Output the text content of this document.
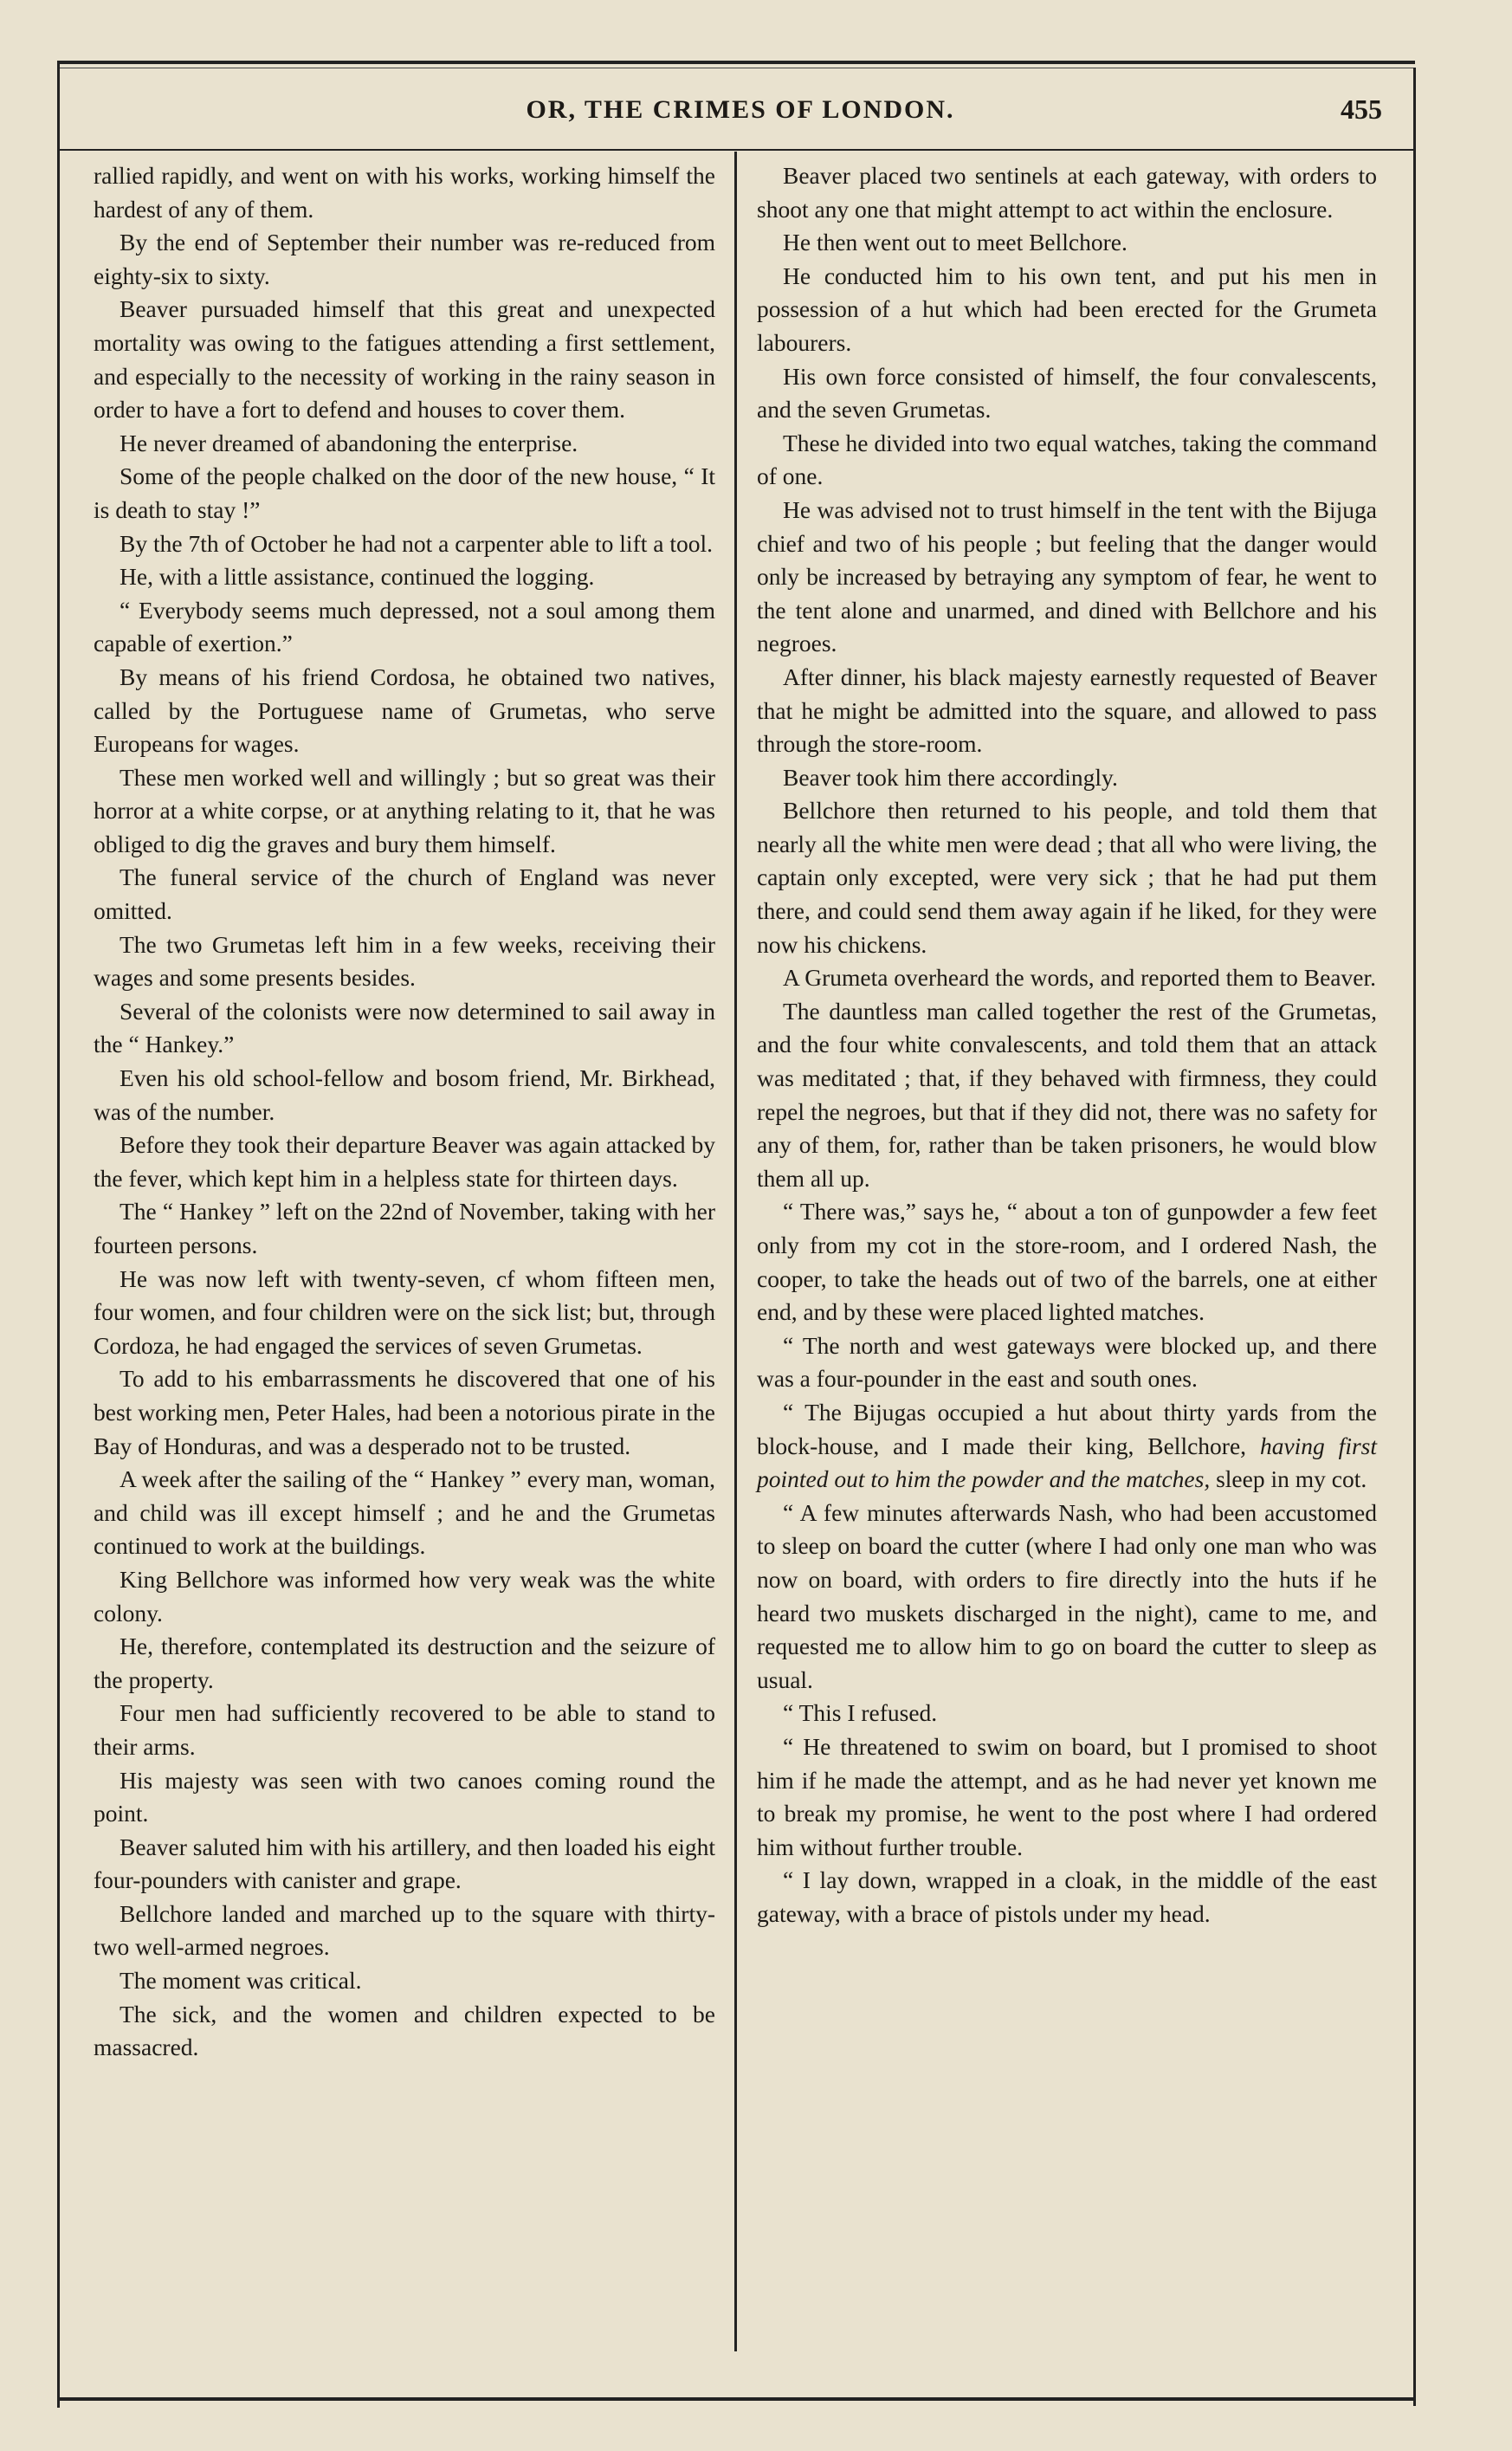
OR, THE CRIMES OF LONDON.	455

rallied rapidly, and went on with his works, working himself the hardest of any of them.

By the end of September their number was re-reduced from eighty-six to sixty.

Beaver pursuaded himself that this great and unexpected mortality was owing to the fatigues attending a first settlement, and especially to the necessity of working in the rainy season in order to have a fort to defend and houses to cover them.

He never dreamed of abandoning the enterprise.

Some of the people chalked on the door of the new house, “ It is death to stay !”

By the 7th of October he had not a carpenter able to lift a tool.

He, with a little assistance, continued the logging.

“ Everybody seems much depressed, not a soul among them capable of exertion.”

By means of his friend Cordosa, he obtained two natives, called by the Portuguese name of Grumetas, who serve Europeans for wages.

These men worked well and willingly ; but so great was their horror at a white corpse, or at anything relating to it, that he was obliged to dig the graves and bury them himself.

The funeral service of the church of England was never omitted.

The two Grumetas left him in a few weeks, receiving their wages and some presents besides.

Several of the colonists were now determined to sail away in the “ Hankey.”

Even his old school-fellow and bosom friend, Mr. Birkhead, was of the number.

Before they took their departure Beaver was again attacked by the fever, which kept him in a helpless state for thirteen days.

The “ Hankey ” left on the 22nd of November, taking with her fourteen persons.

He was now left with twenty-seven, cf whom fifteen men, four women, and four children were on the sick list; but, through Cordoza, he had engaged the services of seven Grumetas.

To add to his embarrassments he discovered that one of his best working men, Peter Hales, had been a notorious pirate in the Bay of Honduras, and was a desperado not to be trusted.

A week after the sailing of the “ Hankey ” every man, woman, and child was ill except himself ; and he and the Grumetas continued to work at the buildings.

King Bellchore was informed how very weak was the white colony.

He, therefore, contemplated its destruction and the seizure of the property.

Four men had sufficiently recovered to be able to stand to their arms.

His majesty was seen with two canoes coming round the point.

Beaver saluted him with his artillery, and then loaded his eight four-pounders with canister and grape.

Bellchore landed and marched up to the square with thirty-two well-armed negroes.

The moment was critical.

The sick, and the women and children expected to be massacred.

Beaver placed two sentinels at each gateway, with orders to shoot any one that might attempt to act within the enclosure.

He then went out to meet Bellchore.

He conducted him to his own tent, and put his men in possession of a hut which had been erected for the Grumeta labourers.

His own force consisted of himself, the four convalescents, and the seven Grumetas.

These he divided into two equal watches, taking the command of one.

He was advised not to trust himself in the tent with the Bijuga chief and two of his people ; but feeling that the danger would only be increased by betraying any symptom of fear, he went to the tent alone and unarmed, and dined with Bellchore and his negroes.

After dinner, his black majesty earnestly requested of Beaver that he might be admitted into the square, and allowed to pass through the store-room.

Beaver took him there accordingly.

Bellchore then returned to his people, and told them that nearly all the white men were dead ; that all who were living, the captain only excepted, were very sick ; that he had put them there, and could send them away again if he liked, for they were now his chickens.

A Grumeta overheard the words, and reported them to Beaver.

The dauntless man called together the rest of the Grumetas, and the four white convalescents, and told them that an attack was meditated ; that, if they behaved with firmness, they could repel the negroes, but that if they did not, there was no safety for any of them, for, rather than be taken prisoners, he would blow them all up.

“ There was,” says he, “ about a ton of gunpowder a few feet only from my cot in the store-room, and I ordered Nash, the cooper, to take the heads out of two of the barrels, one at either end, and by these were placed lighted matches.

“ The north and west gateways were blocked up, and there was a four-pounder in the east and south ones.

“ The Bijugas occupied a hut about thirty yards from the block-house, and I made their king, Bellchore, having first pointed out to him the powder and the matches, sleep in my cot.

“ A few minutes afterwards Nash, who had been accustomed to sleep on board the cutter (where I had only one man who was now on board, with orders to fire directly into the huts if he heard two muskets discharged in the night), came to me, and requested me to allow him to go on board the cutter to sleep as usual.

“ This I refused.

“ He threatened to swim on board, but I promised to shoot him if he made the attempt, and as he had never yet known me to break my promise, he went to the post where I had ordered him without further trouble.

“ I lay down, wrapped in a cloak, in the middle of the east gateway, with a brace of pistols under my head.
